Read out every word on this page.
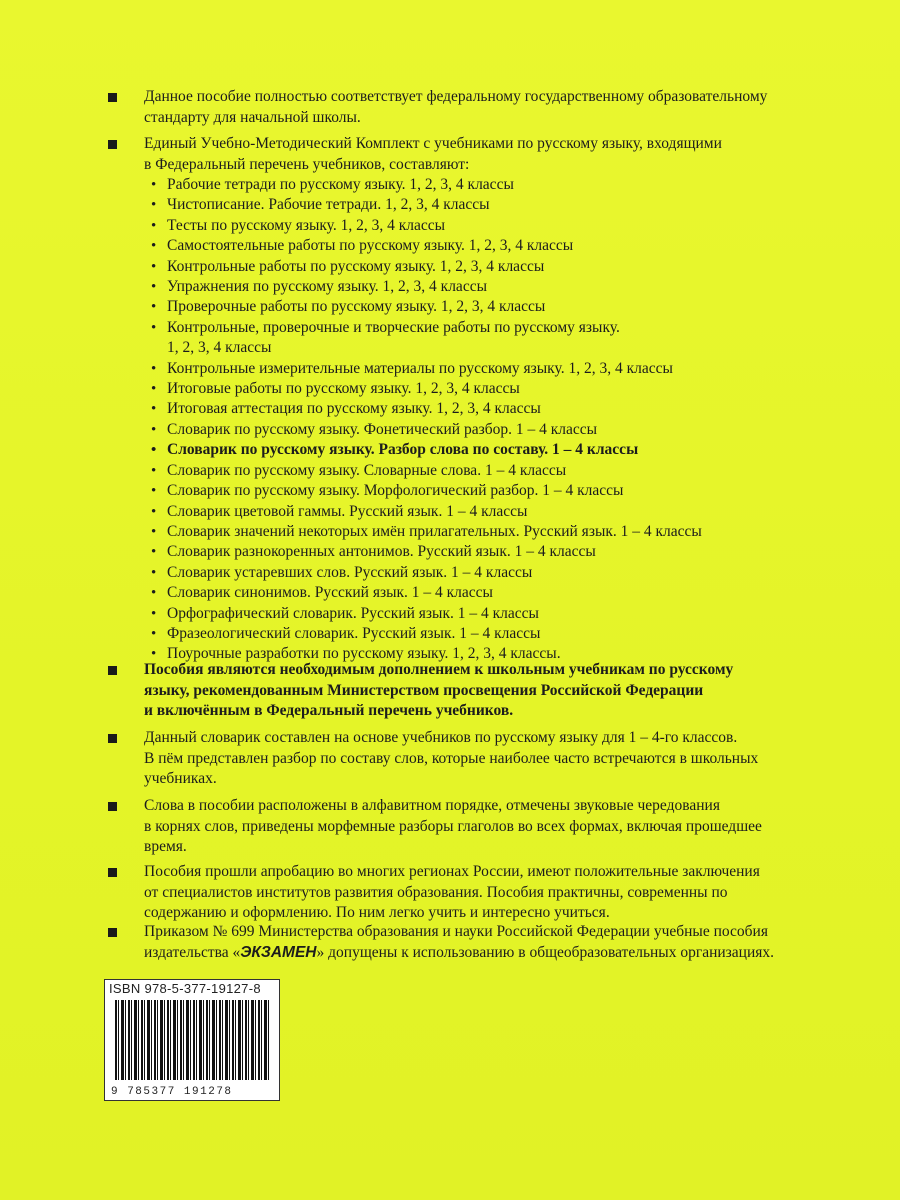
Данное пособие полностью соответствует федеральному государственному образовательному
стандарту для начальной школы.
Единый Учебно-Методический Комплект с учебниками по русскому языку, входящими
в Федеральный перечень учебников, составляют:
• Рабочие тетради по русскому языку. 1, 2, 3, 4 классы
• Чистописание. Рабочие тетради. 1, 2, 3, 4 классы
• Тесты по русскому языку. 1, 2, 3, 4 классы
• Самостоятельные работы по русскому языку. 1, 2, 3, 4 классы
• Контрольные работы по русскому языку. 1, 2, 3, 4 классы
• Упражнения по русскому языку. 1, 2, 3, 4 классы
• Проверочные работы по русскому языку. 1, 2, 3, 4 классы
• Контрольные, проверочные и творческие работы по русскому языку.
1, 2, 3, 4 классы
• Контрольные измерительные материалы по русскому языку. 1, 2, 3, 4 классы
• Итоговые работы по русскому языку. 1, 2, 3, 4 классы
• Итоговая аттестация по русскому языку. 1, 2, 3, 4 классы
• Словарик по русскому языку. Фонетический разбор. 1 – 4 классы
• Словарик по русскому языку. Разбор слова по составу. 1 – 4 классы
• Словарик по русскому языку. Словарные слова. 1 – 4 классы
• Словарик по русскому языку. Морфологический разбор. 1 – 4 классы
• Словарик цветовой гаммы. Русский язык. 1 – 4 классы
• Словарик значений некоторых имён прилагательных. Русский язык. 1 – 4 классы
• Словарик разнокоренных антонимов. Русский язык. 1 – 4 классы
• Словарик устаревших слов. Русский язык. 1 – 4 классы
• Словарик синонимов. Русский язык. 1 – 4 классы
• Орфографический словарик. Русский язык. 1 – 4 классы
• Фразеологический словарик. Русский язык. 1 – 4 классы
• Поурочные разработки по русскому языку. 1, 2, 3, 4 классы.
Пособия являются необходимым дополнением к школьным учебникам по русскому
языку, рекомендованным Министерством просвещения Российской Федерации
и включённым в Федеральный перечень учебников.
Данный словарик составлен на основе учебников по русскому языку для 1 – 4-го классов.
В пём представлен разбор по составу слов, которые наиболее часто встречаются в школьных
учебниках.
Слова в пособии расположены в алфавитном порядке, отмечены звуковые чередования
в корнях слов, приведены морфемные разборы глаголов во всех формах, включая прошедшее
время.
Пособия прошли апробацию во многих регионах России, имеют положительные заключения
от специалистов институтов развития образования. Пособия практичны, современны по
содержанию и оформлению. По ним легко учить и интересно учиться.
Приказом № 699 Министерства образования и науки Российской Федерации учебные пособия
издательства «ЭКЗАМЕН» допущены к использованию в общеобразовательных организациях.
ISBN 978-5-377-19127-8
9 785377 191278
